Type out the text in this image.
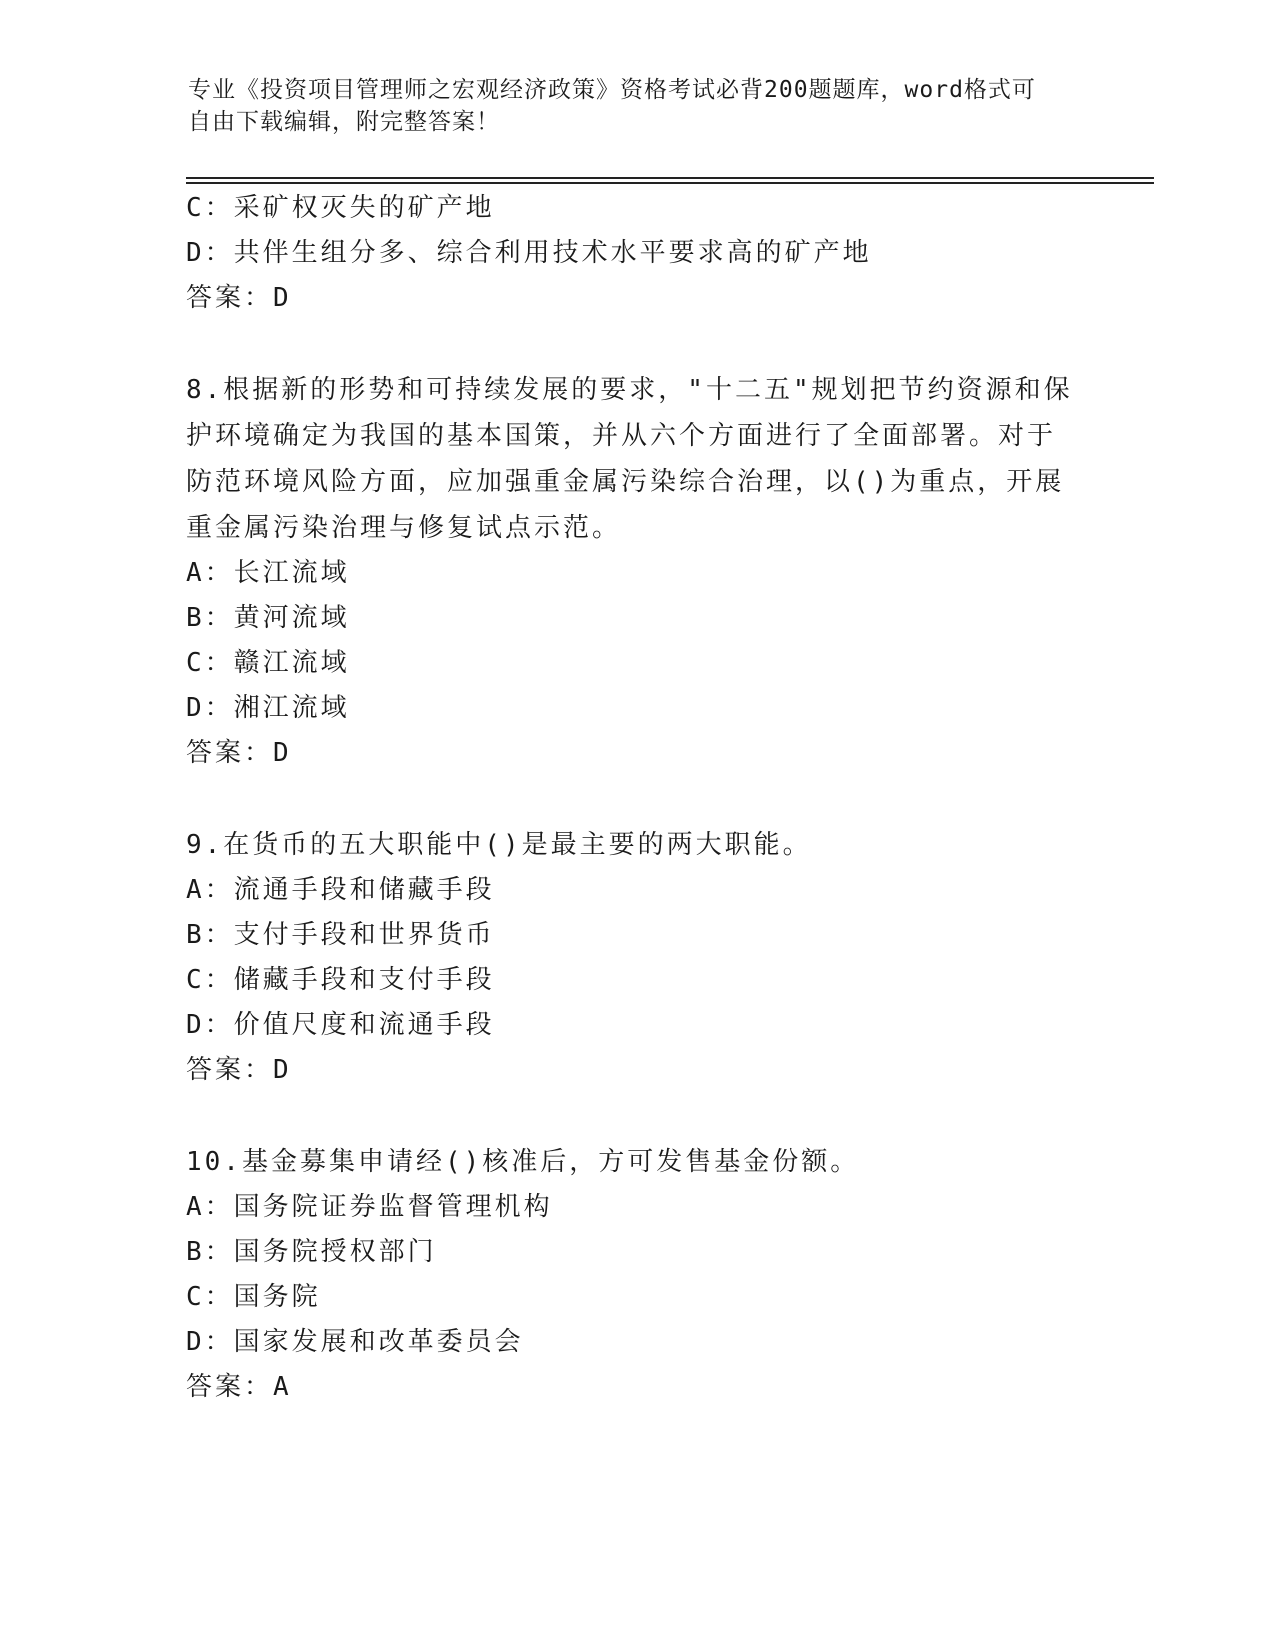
专业《投资项目管理师之宏观经济政策》资格考试必背200题题库，word格式可
自由下载编辑，附完整答案！
C：采矿权灭失的矿产地
D：共伴生组分多、综合利用技术水平要求高的矿产地
答案：D
8.根据新的形势和可持续发展的要求，"十二五"规划把节约资源和保
护环境确定为我国的基本国策，并从六个方面进行了全面部署。对于
防范环境风险方面，应加强重金属污染综合治理，以()为重点，开展
重金属污染治理与修复试点示范。
A：长江流域
B：黄河流域
C：赣江流域
D：湘江流域
答案：D
9.在货币的五大职能中()是最主要的两大职能。
A：流通手段和储藏手段
B：支付手段和世界货币
C：储藏手段和支付手段
D：价值尺度和流通手段
答案：D
10.基金募集申请经()核准后，方可发售基金份额。
A：国务院证券监督管理机构
B：国务院授权部门
C：国务院
D：国家发展和改革委员会
答案：A
